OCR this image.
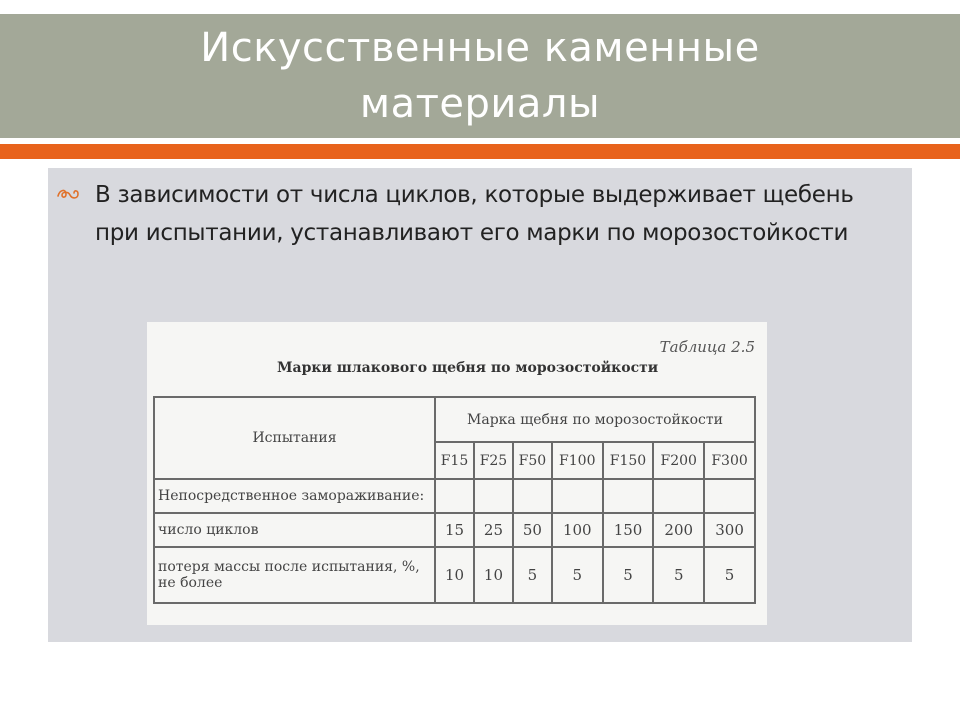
Искусственные каменные материалы
В зависимости от числа циклов, которые выдерживает щебень при испытании, устанавливают его марки по морозостойкости
Таблица 2.5
Марки шлакового щебня по морозостойкости
Испытания	Марка щебня по морозостойкости						
	F15	F25	F50	F100	F150	F200	F300
Непосредственное замораживание:							
число циклов	15	25	50	100	150	200	300
потеря массы после испытания, %, не более	10	10	5	5	5	5	5
